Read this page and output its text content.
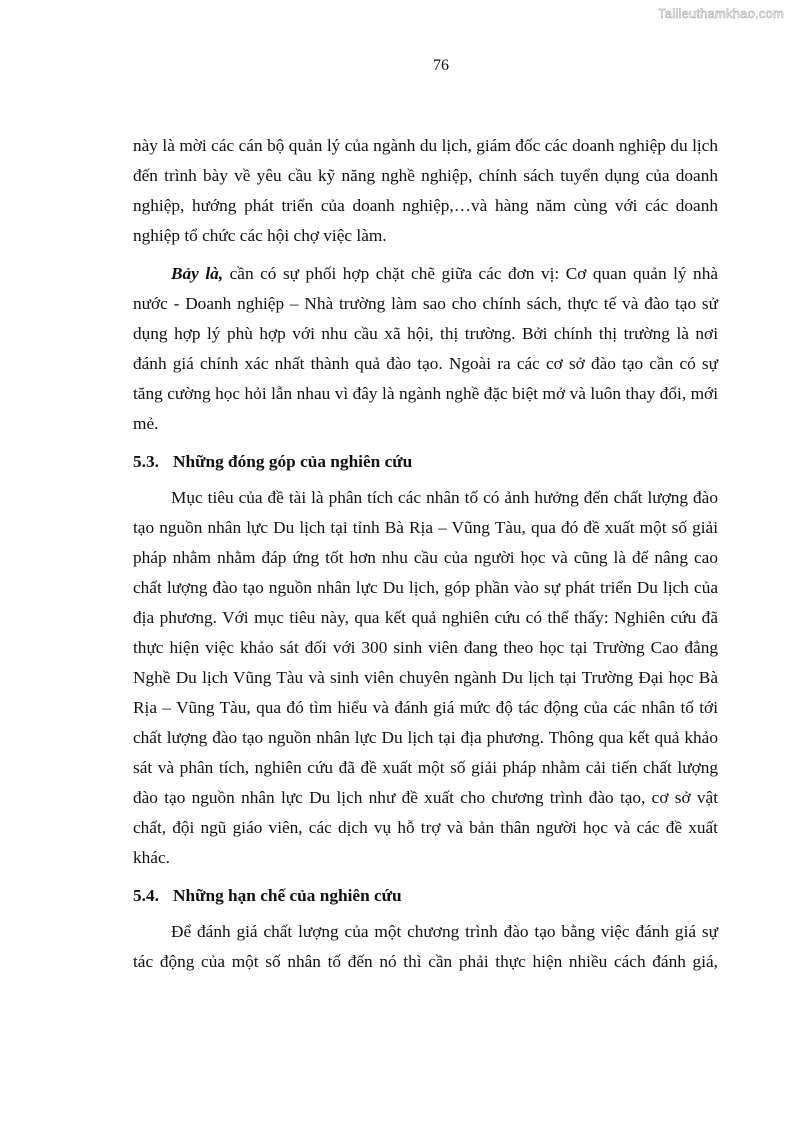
Tailieuthamkhao.com
76
này là mời các cán bộ quản lý của ngành du lịch, giám đốc các doanh nghiệp du lịch
đến trình bày về yêu cầu kỹ năng nghề nghiệp, chính sách tuyển dụng của doanh
nghiệp, hướng phát triển của doanh nghiệp,…và hàng năm cùng với các doanh
nghiệp tổ chức các hội chợ việc làm.
Bảy là, cần có sự phối hợp chặt chẽ giữa các đơn vị: Cơ quan quản lý nhà
nước - Doanh nghiệp – Nhà trường làm sao cho chính sách, thực tế và đào tạo sử
dụng hợp lý phù hợp với nhu cầu xã hội, thị trường. Bởi chính thị trường là nơi
đánh giá chính xác nhất thành quả đào tạo. Ngoài ra các cơ sở đào tạo cần có sự
tăng cường học hỏi lẫn nhau vì đây là ngành nghề đặc biệt mở và luôn thay đổi, mới
mẻ.
5.3. Những đóng góp của nghiên cứu
Mục tiêu của đề tài là phân tích các nhân tố có ảnh hưởng đến chất lượng đào
tạo nguồn nhân lực Du lịch tại tỉnh Bà Rịa – Vũng Tàu, qua đó đề xuất một số giải
pháp nhằm nhằm đáp ứng tốt hơn nhu cầu của người học và cũng là để nâng cao
chất lượng đào tạo nguồn nhân lực Du lịch, góp phần vào sự phát triển Du lịch của
địa phương. Với mục tiêu này, qua kết quả nghiên cứu có thể thấy: Nghiên cứu đã
thực hiện việc khảo sát đối với 300 sinh viên đang theo học tại Trường Cao đẳng
Nghề Du lịch Vũng Tàu và sinh viên chuyên ngành Du lịch tại Trường Đại học Bà
Rịa – Vũng Tàu, qua đó tìm hiểu và đánh giá mức độ tác động của các nhân tố tới
chất lượng đào tạo nguồn nhân lực Du lịch tại địa phương. Thông qua kết quả khảo
sát và phân tích, nghiên cứu đã đề xuất một số giải pháp nhằm cải tiến chất lượng
đào tạo nguồn nhân lực Du lịch như đề xuất cho chương trình đào tạo, cơ sở vật
chất, đội ngũ giáo viên, các dịch vụ hỗ trợ và bản thân người học và các đề xuất
khác.
5.4. Những hạn chế của nghiên cứu
Để đánh giá chất lượng của một chương trình đào tạo bằng việc đánh giá sự
tác động của một số nhân tố đến nó thì cần phải thực hiện nhiều cách đánh giá,
